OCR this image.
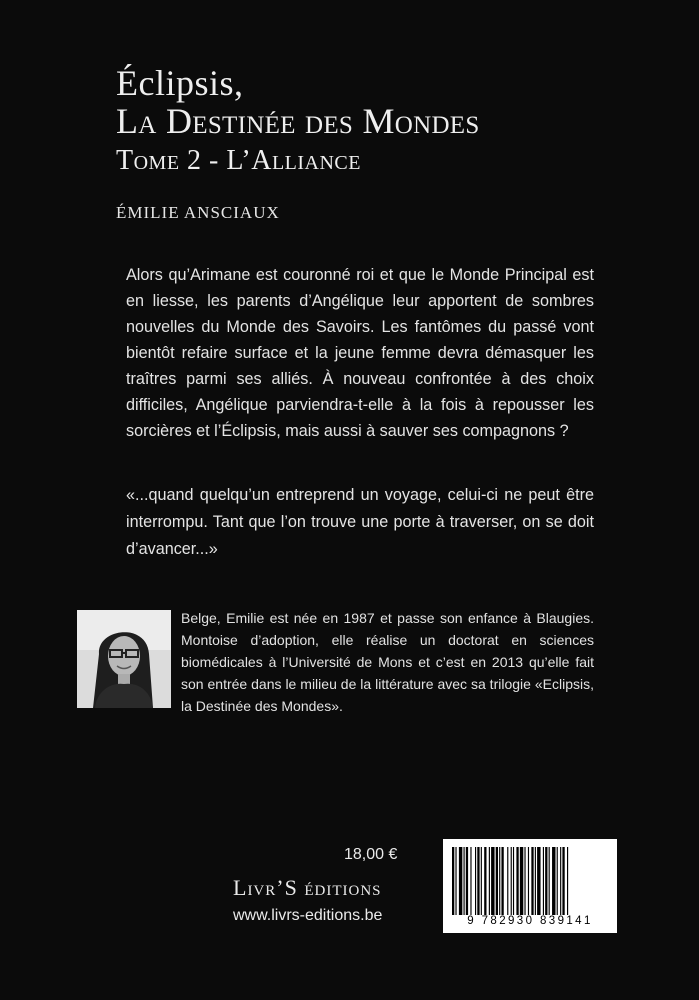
Éclipsis,
La Destinée des Mondes
Tome 2 - L’Alliance
ÉMILIE ANSCIAUX

Alors qu’Arimane est couronné roi et que le Monde Principal est en liesse, les parents d’Angélique leur apportent de sombres nouvelles du Monde des Savoirs. Les fantômes du passé vont bientôt refaire surface et la jeune femme devra démasquer les traîtres parmi ses alliés. À nouveau confrontée à des choix difficiles, Angélique parviendra-t-elle à la fois à repousser les sorcières et l’Éclipsis, mais aussi à sauver ses compagnons ?

«...quand quelqu’un entreprend un voyage, celui-ci ne peut être interrompu. Tant que l’on trouve une porte à traverser, on se doit d’avancer...»

Belge, Emilie est née en 1987 et passe son enfance à Blaugies. Montoise d’adoption, elle réalise un doctorat en sciences biomédicales à l’Université de Mons et c’est en 2013 qu’elle fait son entrée dans le milieu de la littérature avec sa trilogie «Eclipsis, la Destinée des Mondes».

18,00 €
Livr’S éditions
www.livrs-editions.be	9 782930 839141
